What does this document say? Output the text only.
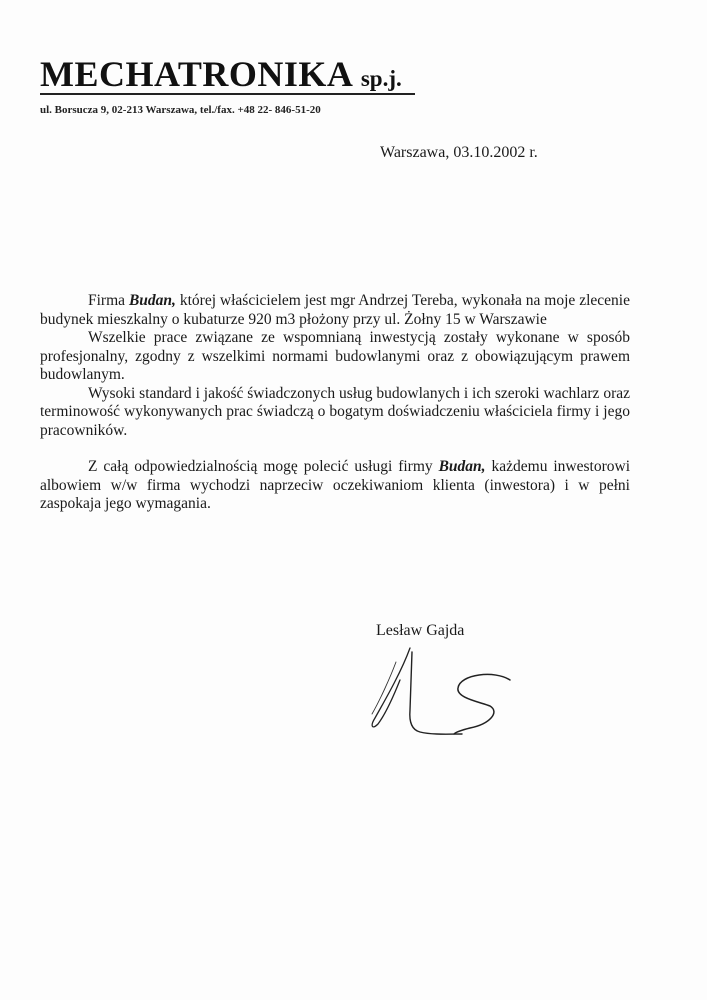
MECHATRONIKA sp.j.
ul. Borsucza 9, 02-213 Warszawa, tel./fax. +48 22- 846-51-20
Warszawa, 03.10.2002 r.

Firma Budan, której właścicielem jest mgr Andrzej Tereba, wykonała na moje zlecenie budynek mieszkalny o kubaturze 920 m3 płożony przy ul. Żołny 15 w Warszawie

Wszelkie prace związane ze wspomnianą inwestycją zostały wykonane w sposób profesjonalny, zgodny z wszelkimi normami budowlanymi oraz z obowiązującym prawem budowlanym.

Wysoki standard i jakość świadczonych usług budowlanych i ich szeroki wachlarz oraz terminowość wykonywanych prac świadczą o bogatym doświadczeniu właściciela firmy i jego pracowników.

Z całą odpowiedzialnością mogę polecić usługi firmy Budan, każdemu inwestorowi albowiem w/w firma wychodzi naprzeciw oczekiwaniom klienta (inwestora) i w pełni zaspokaja jego wymagania.

Lesław Gajda
